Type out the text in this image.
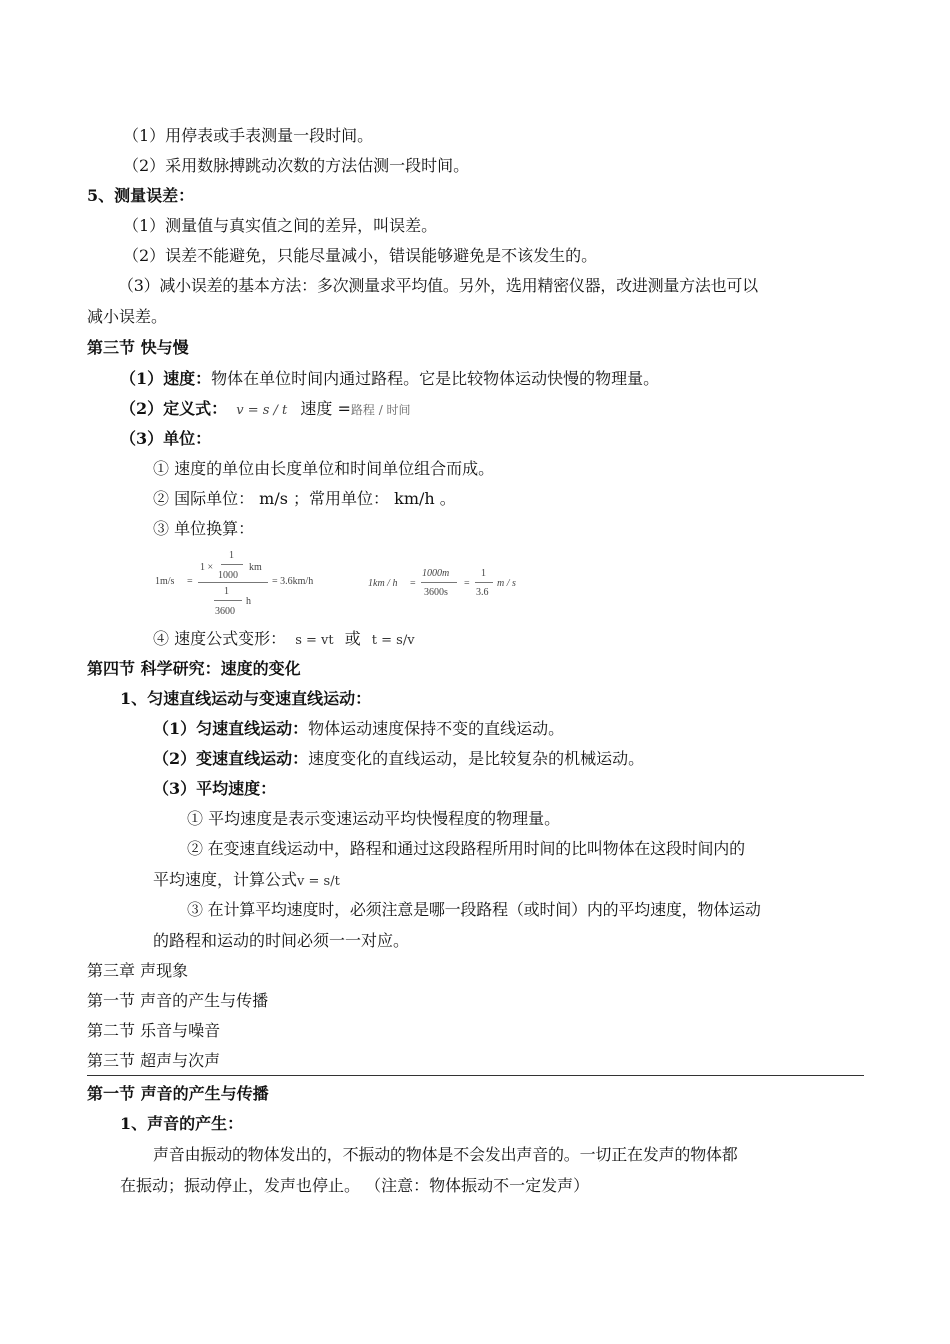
（1）用停表或手表测量一段时间。
（2）采用数脉搏跳动次数的方法估测一段时间。
5、测量误差：
（1）测量值与真实值之间的差异，叫误差。
（2）误差不能避免，只能尽量减小，错误能够避免是不该发生的。
（3）减小误差的基本方法：多次测量求平均值。另外，选用精密仪器，改进测量方法也可以
减小误差。
第三节 快与慢
（1）速度：物体在单位时间内通过路程。它是比较物体运动快慢的物理量。
（2）定义式： v = s / t 速度 =路程 / 时间
（3）单位：
① 速度的单位由长度单位和时间单位组合而成。
② 国际单位： m/s ；常用单位： km/h 。
③ 单位换算：
1m/s =
1 ×
1
1000
km
1
3600
h
= 3.6km/h	1km / h =
1000m
3600s
=
1
3.6
m / s
④ 速度公式变形： s = vt 或 t = s/v
第四节 科学研究：速度的变化
1、匀速直线运动与变速直线运动：
（1）匀速直线运动：物体运动速度保持不变的直线运动。
（2）变速直线运动：速度变化的直线运动，是比较复杂的机械运动。
（3）平均速度：
① 平均速度是表示变速运动平均快慢程度的物理量。
② 在变速直线运动中，路程和通过这段路程所用时间的比叫物体在这段时间内的
平均速度，计算公式v = s/t
③ 在计算平均速度时，必须注意是哪一段路程（或时间）内的平均速度，物体运动
的路程和运动的时间必须一一对应。
第三章 声现象
第一节 声音的产生与传播
第二节 乐音与噪音
第三节 超声与次声
第一节 声音的产生与传播
1、声音的产生：
声音由振动的物体发出的，不振动的物体是不会发出声音的。一切正在发声的物体都
在振动；振动停止，发声也停止。 （注意：物体振动不一定发声）
